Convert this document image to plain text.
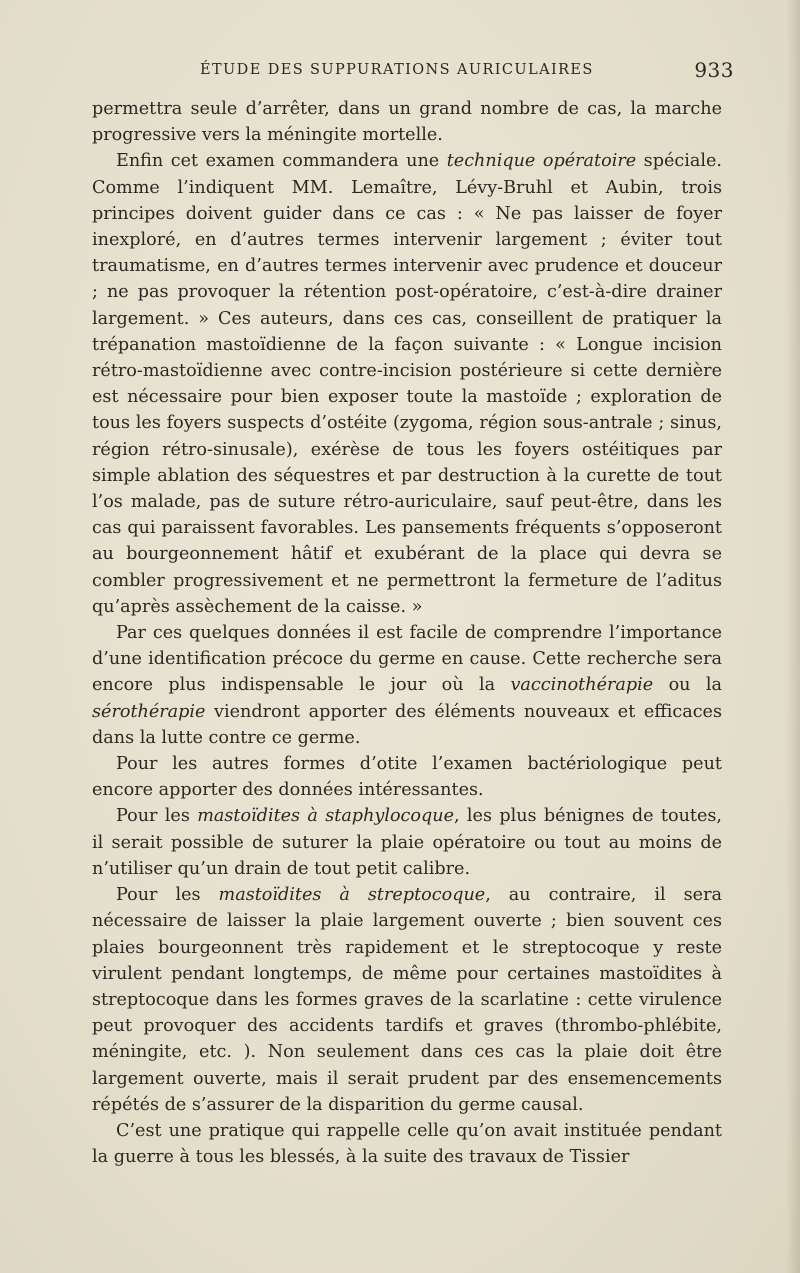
ÉTUDE DES SUPPURATIONS AURICULAIRES	933

permettra seule d’arrêter, dans un grand nombre de cas, la marche progressive vers la méningite mortelle.

Enfin cet examen commandera une technique opératoire spéciale. Comme l’indiquent MM. Lemaître, Lévy-Bruhl et Aubin, trois principes doivent guider dans ce cas : « Ne pas laisser de foyer inexploré, en d’autres termes intervenir largement ; éviter tout traumatisme, en d’autres termes intervenir avec prudence et douceur ; ne pas provoquer la rétention post-opératoire, c’est-à-dire drainer largement. » Ces auteurs, dans ces cas, conseillent de pratiquer la trépanation mastoïdienne de la façon suivante : « Longue incision rétro-mastoïdienne avec contre-incision postérieure si cette dernière est nécessaire pour bien exposer toute la mastoïde ; exploration de tous les foyers suspects d’ostéite (zygoma, région sous-antrale ; sinus, région rétro-sinusale), exérèse de tous les foyers ostéitiques par simple ablation des séquestres et par destruction à la curette de tout l’os malade, pas de suture rétro-auriculaire, sauf peut-être, dans les cas qui paraissent favorables. Les pansements fréquents s’opposeront au bourgeonnement hâtif et exubérant de la place qui devra se combler progressivement et ne permettront la fermeture de l’aditus qu’après assèchement de la caisse. »

Par ces quelques données il est facile de comprendre l’importance d’une identification précoce du germe en cause. Cette recherche sera encore plus indispensable le jour où la vaccinothérapie ou la sérothérapie viendront apporter des éléments nouveaux et efficaces dans la lutte contre ce germe.

Pour les autres formes d’otite l’examen bactériologique peut encore apporter des données intéressantes.

Pour les mastoïdites à staphylocoque, les plus bénignes de toutes, il serait possible de suturer la plaie opératoire ou tout au moins de n’utiliser qu’un drain de tout petit calibre.

Pour les mastoïdites à streptocoque, au contraire, il sera nécessaire de laisser la plaie largement ouverte ; bien souvent ces plaies bourgeonnent très rapidement et le streptocoque y reste virulent pendant longtemps, de même pour certaines mastoïdites à streptocoque dans les formes graves de la scarlatine : cette virulence peut provoquer des accidents tardifs et graves (thrombo-phlébite, méningite, etc. ). Non seulement dans ces cas la plaie doit être largement ouverte, mais il serait prudent par des ensemencements répétés de s’assurer de la disparition du germe causal.

C’est une pratique qui rappelle celle qu’on avait instituée pendant la guerre à tous les blessés, à la suite des travaux de Tissier
